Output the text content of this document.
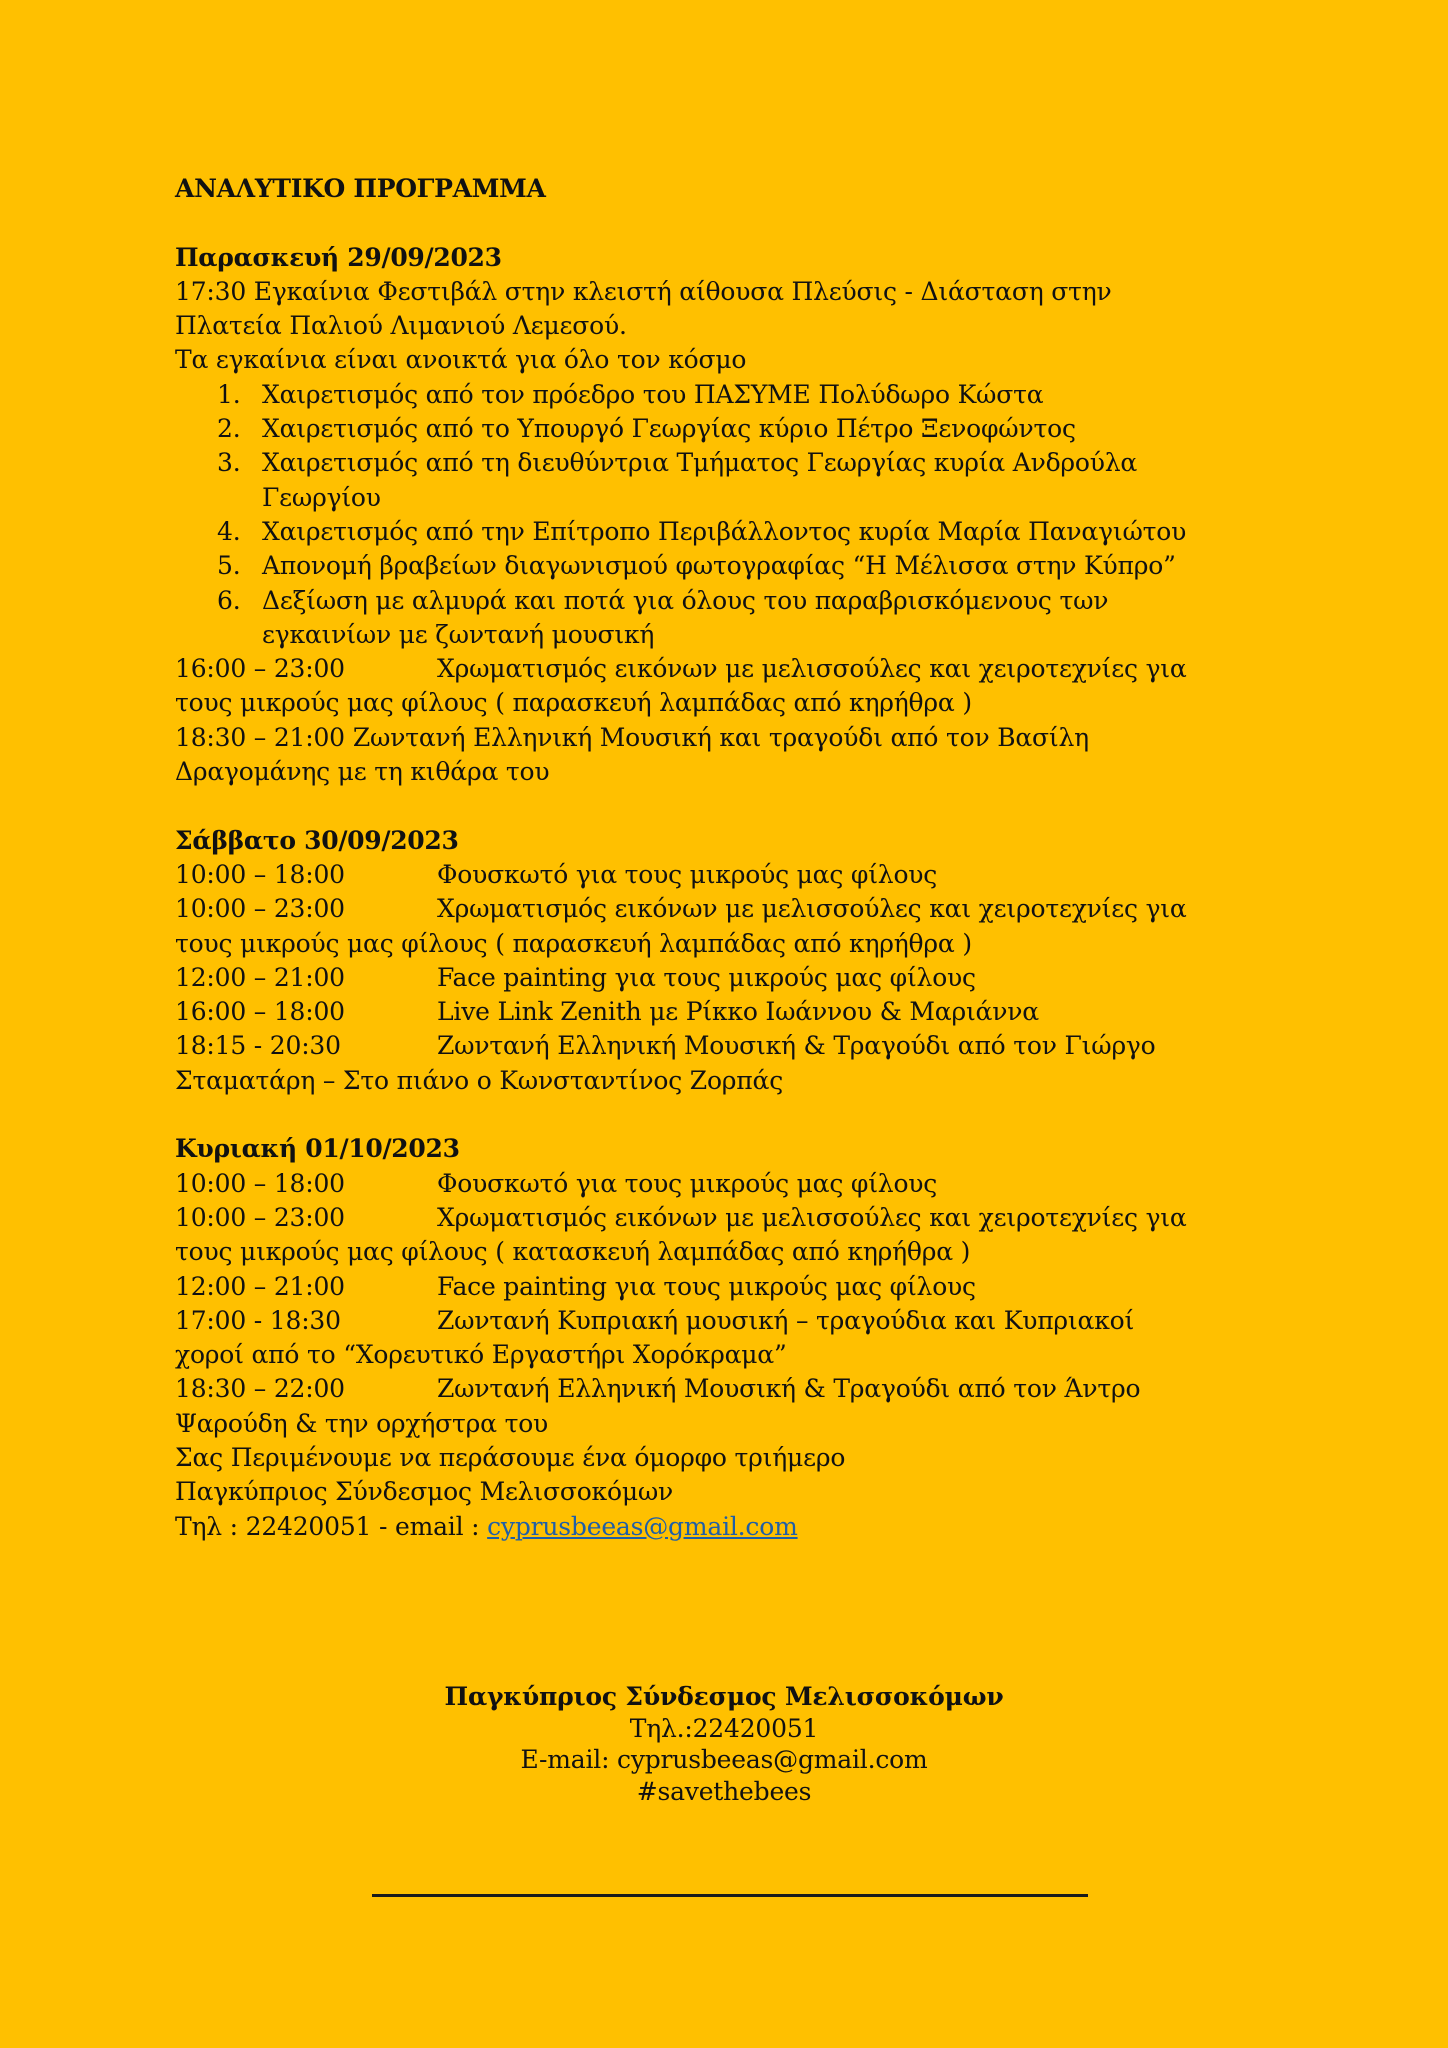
ΑΝΑΛΥΤΙΚΟ ΠΡΟΓΡΑΜΜΑ
Παρασκευή 29/09/2023
17:30 Εγκαίνια Φεστιβάλ στην κλειστή αίθουσα Πλεύσις - Διάσταση στην
Πλατεία Παλιού Λιμανιού Λεμεσού.
Τα εγκαίνια είναι ανοικτά για όλο τον κόσμο
1. Χαιρετισμός από τον πρόεδρο του ΠΑΣΥΜΕ Πολύδωρο Κώστα
2. Χαιρετισμός από το Υπουργό Γεωργίας κύριο Πέτρο Ξενοφώντος
3. Χαιρετισμός από τη διευθύντρια Τμήματος Γεωργίας κυρία Ανδρούλα
Γεωργίου
4. Χαιρετισμός από την Επίτροπο Περιβάλλοντος κυρία Μαρία Παναγιώτου
5. Απονομή βραβείων διαγωνισμού φωτογραφίας “Η Μέλισσα στην Κύπρο”
6. Δεξίωση με αλμυρά και ποτά για όλους του παραβρισκόμενους των
εγκαινίων με ζωντανή μουσική
16:00 – 23:00	Χρωματισμός εικόνων με μελισσούλες και χειροτεχνίες για
τους μικρούς μας φίλους ( παρασκευή λαμπάδας από κηρήθρα )
18:30 – 21:00 Ζωντανή Ελληνική Μουσική και τραγούδι από τον Βασίλη
Δραγομάνης με τη κιθάρα του
Σάββατο 30/09/2023
10:00 – 18:00	Φουσκωτό για τους μικρούς μας φίλους
10:00 – 23:00	Χρωματισμός εικόνων με μελισσούλες και χειροτεχνίες για
τους μικρούς μας φίλους ( παρασκευή λαμπάδας από κηρήθρα )
12:00 – 21:00	Face painting για τους μικρούς μας φίλους
16:00 – 18:00	Live Link Zenith με Ρίκκο Ιωάννου & Μαριάννα
18:15 - 20:30	Ζωντανή Ελληνική Μουσική & Τραγούδι από τον Γιώργο
Σταματάρη – Στο πιάνο ο Κωνσταντίνος Ζορπάς
Κυριακή 01/10/2023
10:00 – 18:00	Φουσκωτό για τους μικρούς μας φίλους
10:00 – 23:00	Χρωματισμός εικόνων με μελισσούλες και χειροτεχνίες για
τους μικρούς μας φίλους ( κατασκευή λαμπάδας από κηρήθρα )
12:00 – 21:00	Face painting για τους μικρούς μας φίλους
17:00 - 18:30	Ζωντανή Κυπριακή μουσική – τραγούδια και Κυπριακοί
χοροί από το “Χορευτικό Εργαστήρι Χορόκραμα”
18:30 – 22:00	Ζωντανή Ελληνική Μουσική & Τραγούδι από τον Άντρο
Ψαρούδη & την ορχήστρα του
Σας Περιμένουμε να περάσουμε ένα όμορφο τριήμερο
Παγκύπριος Σύνδεσμος Μελισσοκόμων
Τηλ : 22420051 - email : cyprusbeeas@gmail.com
Παγκύπριος Σύνδεσμος Μελισσοκόμων
Τηλ.:22420051
E-mail: cyprusbeeas@gmail.com
#savethebees
